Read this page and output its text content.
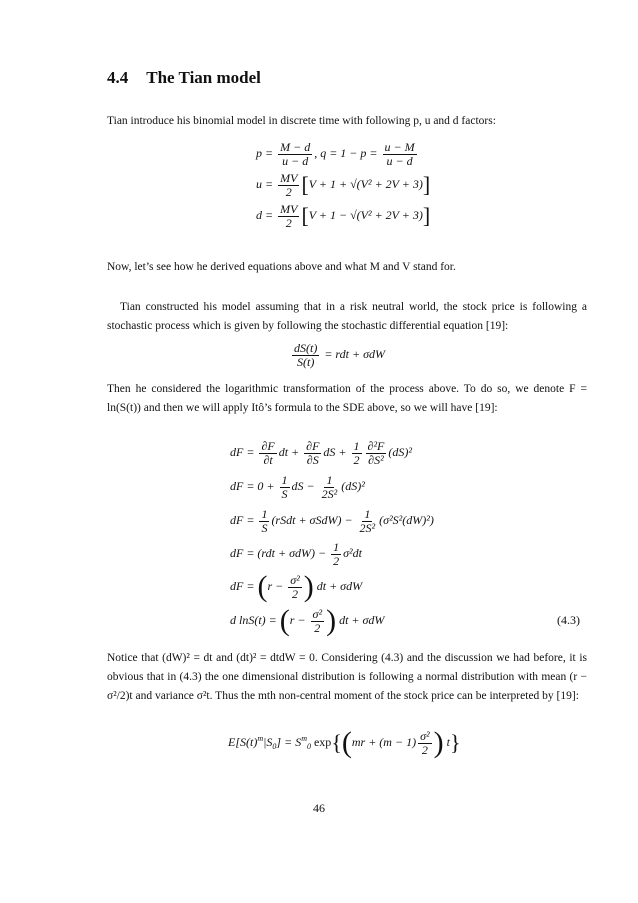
4.4 The Tian model
Tian introduce his binomial model in discrete time with following p, u and d factors:
$p = \frac{M - d}{u - d}$ , $q = 1 - p = \frac{u - M}{u - d}$
$u = \frac{MV}{2} [V + 1 + √(V^2 + 2V + 3)]$
$d = \frac{MV}{2} [V + 1 - √(V^2 + 2V + 3)]$
Now, let’s see how he derived equations above and what M and V stand for.
Tian constructed his model assuming that in a risk neutral world, the stock price is following a stochastic process which is given by following the stochastic differential equation [19]:
$\frac{dS(t)}{S(t)}$ = rdt + σdW
Then he considered the logarithmic transformation of the process above. To do so, we denote F = ln(S(t)) and then we will apply Itô’s formula to the SDE above, so we will have [19]:
dF = $\frac{\partial F}{\partial t}$ dt + $\frac{\partial F}{\partial S}$ dS + $\frac{1}{2} \frac{\text{∂²F}}{\text{∂S²}} (dS)^2$
dF = $0 + \frac{1}{S}$ dS − $\frac{1}{\text{2S²}} (dS)^2$
dF = $\frac{1}{S}$ (rSdt + $\sigma SdW) - \frac{1}{\text{2S²}} (\sigma^2S^2(dW)^2)$
dF = $(rdt + \sigma dW) - \frac{1}{2} \sigma^2dt$
dF = ($r - \frac{\text{σ²}}{2}$ ) dt + σdW
d $\ln S(t) = (r - \frac{\text{σ²}}{2}$ ) dt + σdW	(4.3)
Notice that (dW)² = dt and (dt)² = dtdW = 0. Considering (4.3) and the discussion we had before, it is obvious that in (4.3) the one dimensional distribution is following a normal distribution with mean (r − σ²/2)t and variance σ²t. Thus the mth non-central moment of the stock price can be interpreted by [19]:
$E[S(t)^m|S_0] = S^m_0$ $\exp\{(mr + (m - 1) \frac{\text{σ²}}{2}$ ) t}
46
